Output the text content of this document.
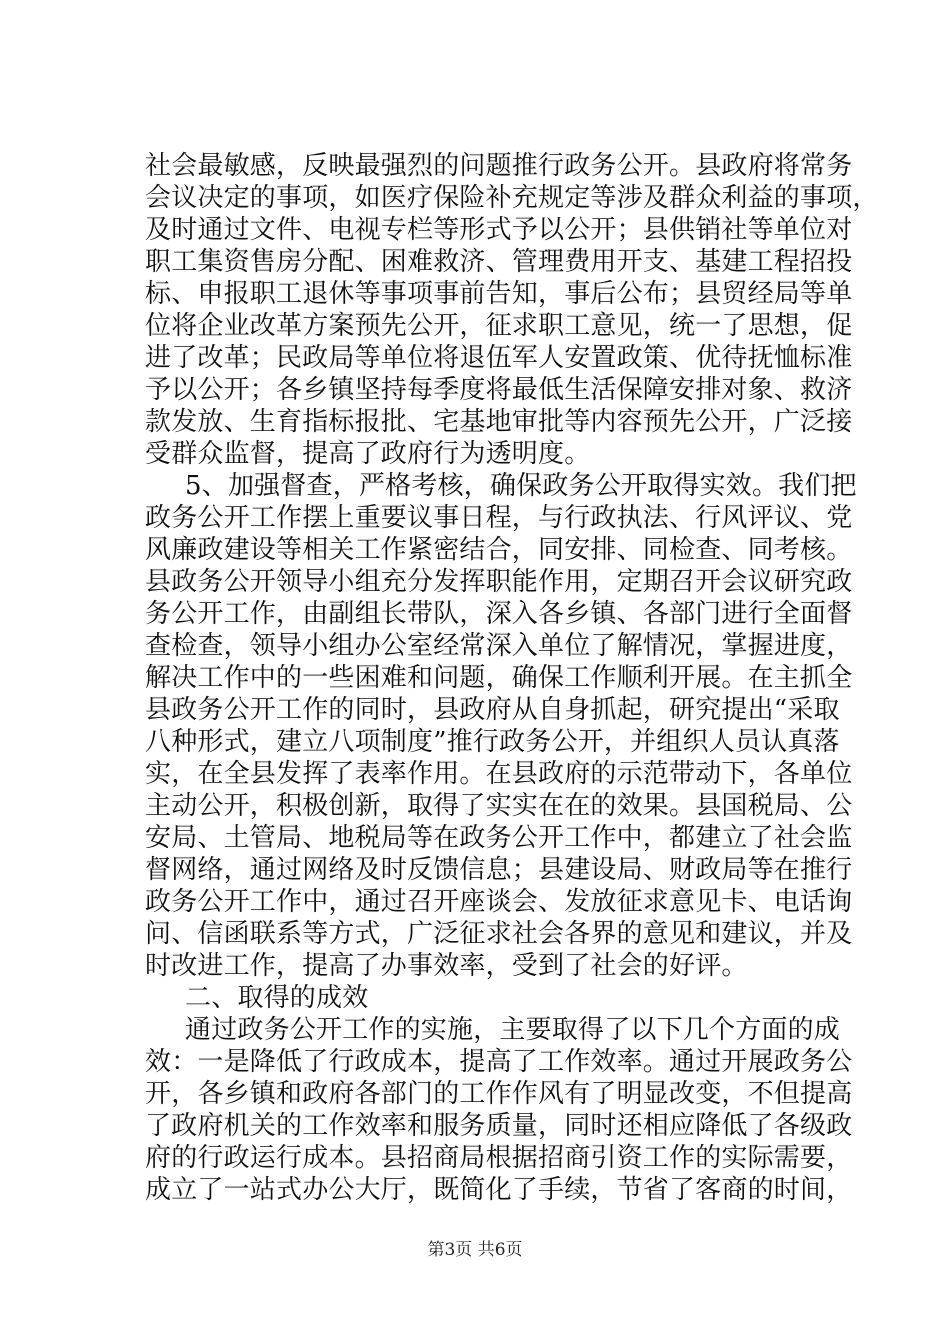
社会最敏感，反映最强烈的问题推行政务公开。县政府将常务
会议决定的事项，如医疗保险补充规定等涉及群众利益的事项，
及时通过文件、电视专栏等形式予以公开；县供销社等单位对
职工集资售房分配、困难救济、管理费用开支、基建工程招投
标、申报职工退休等事项事前告知，事后公布；县贸经局等单
位将企业改革方案预先公开，征求职工意见，统一了思想，促
进了改革；民政局等单位将退伍军人安置政策、优待抚恤标准
予以公开；各乡镇坚持每季度将最低生活保障安排对象、救济
款发放、生育指标报批、宅基地审批等内容预先公开，广泛接
受群众监督，提高了政府行为透明度。
5、加强督查，严格考核，确保政务公开取得实效。我们把
政务公开工作摆上重要议事日程，与行政执法、行风评议、党
风廉政建设等相关工作紧密结合，同安排、同检查、同考核。
县政务公开领导小组充分发挥职能作用，定期召开会议研究政
务公开工作，由副组长带队，深入各乡镇、各部门进行全面督
查检查，领导小组办公室经常深入单位了解情况，掌握进度，
解决工作中的一些困难和问题，确保工作顺利开展。在主抓全
县政务公开工作的同时，县政府从自身抓起，研究提出“采取
八种形式，建立八项制度”推行政务公开，并组织人员认真落
实，在全县发挥了表率作用。在县政府的示范带动下，各单位
主动公开，积极创新，取得了实实在在的效果。县国税局、公
安局、土管局、地税局等在政务公开工作中，都建立了社会监
督网络，通过网络及时反馈信息；县建设局、财政局等在推行
政务公开工作中，通过召开座谈会、发放征求意见卡、电话询
问、信函联系等方式，广泛征求社会各界的意见和建议，并及
时改进工作，提高了办事效率，受到了社会的好评。
二、取得的成效
通过政务公开工作的实施，主要取得了以下几个方面的成
效：一是降低了行政成本，提高了工作效率。通过开展政务公
开，各乡镇和政府各部门的工作作风有了明显改变，不但提高
了政府机关的工作效率和服务质量，同时还相应降低了各级政
府的行政运行成本。县招商局根据招商引资工作的实际需要，
成立了一站式办公大厅，既简化了手续，节省了客商的时间，
第3页 共6页
